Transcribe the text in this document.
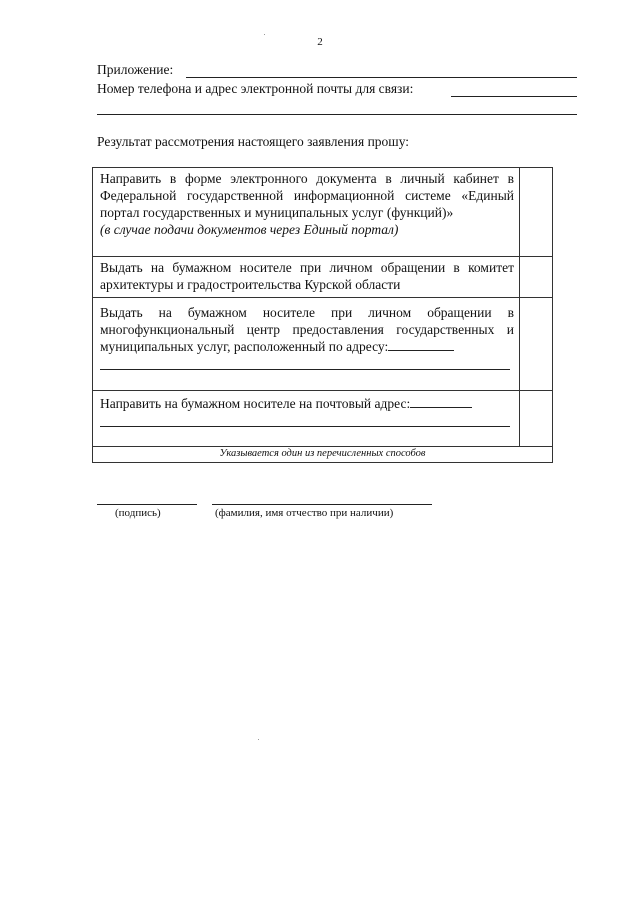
2
Приложение:
Номер телефона и адрес электронной почты для связи:
Результат рассмотрения настоящего заявления прошу:
Направить в форме электронного документа в личный кабинет в Федеральной государственной информационной системе «Единый портал государственных и муниципальных услуг (функций)»
(в случае подачи документов через Единый портал)	

Выдать на бумажном носителе при личном обращении в комитет архитектуры и градостроительства Курской области	

Выдать на бумажном носителе при личном обращении в многофункциональный центр предоставления государственных и муниципальных услуг, расположенный по адресу:	

Направить на бумажном носителе на почтовый адрес:	

Указывается один из перечисленных способов	
(подпись)	(фамилия, имя отчество при наличии)
